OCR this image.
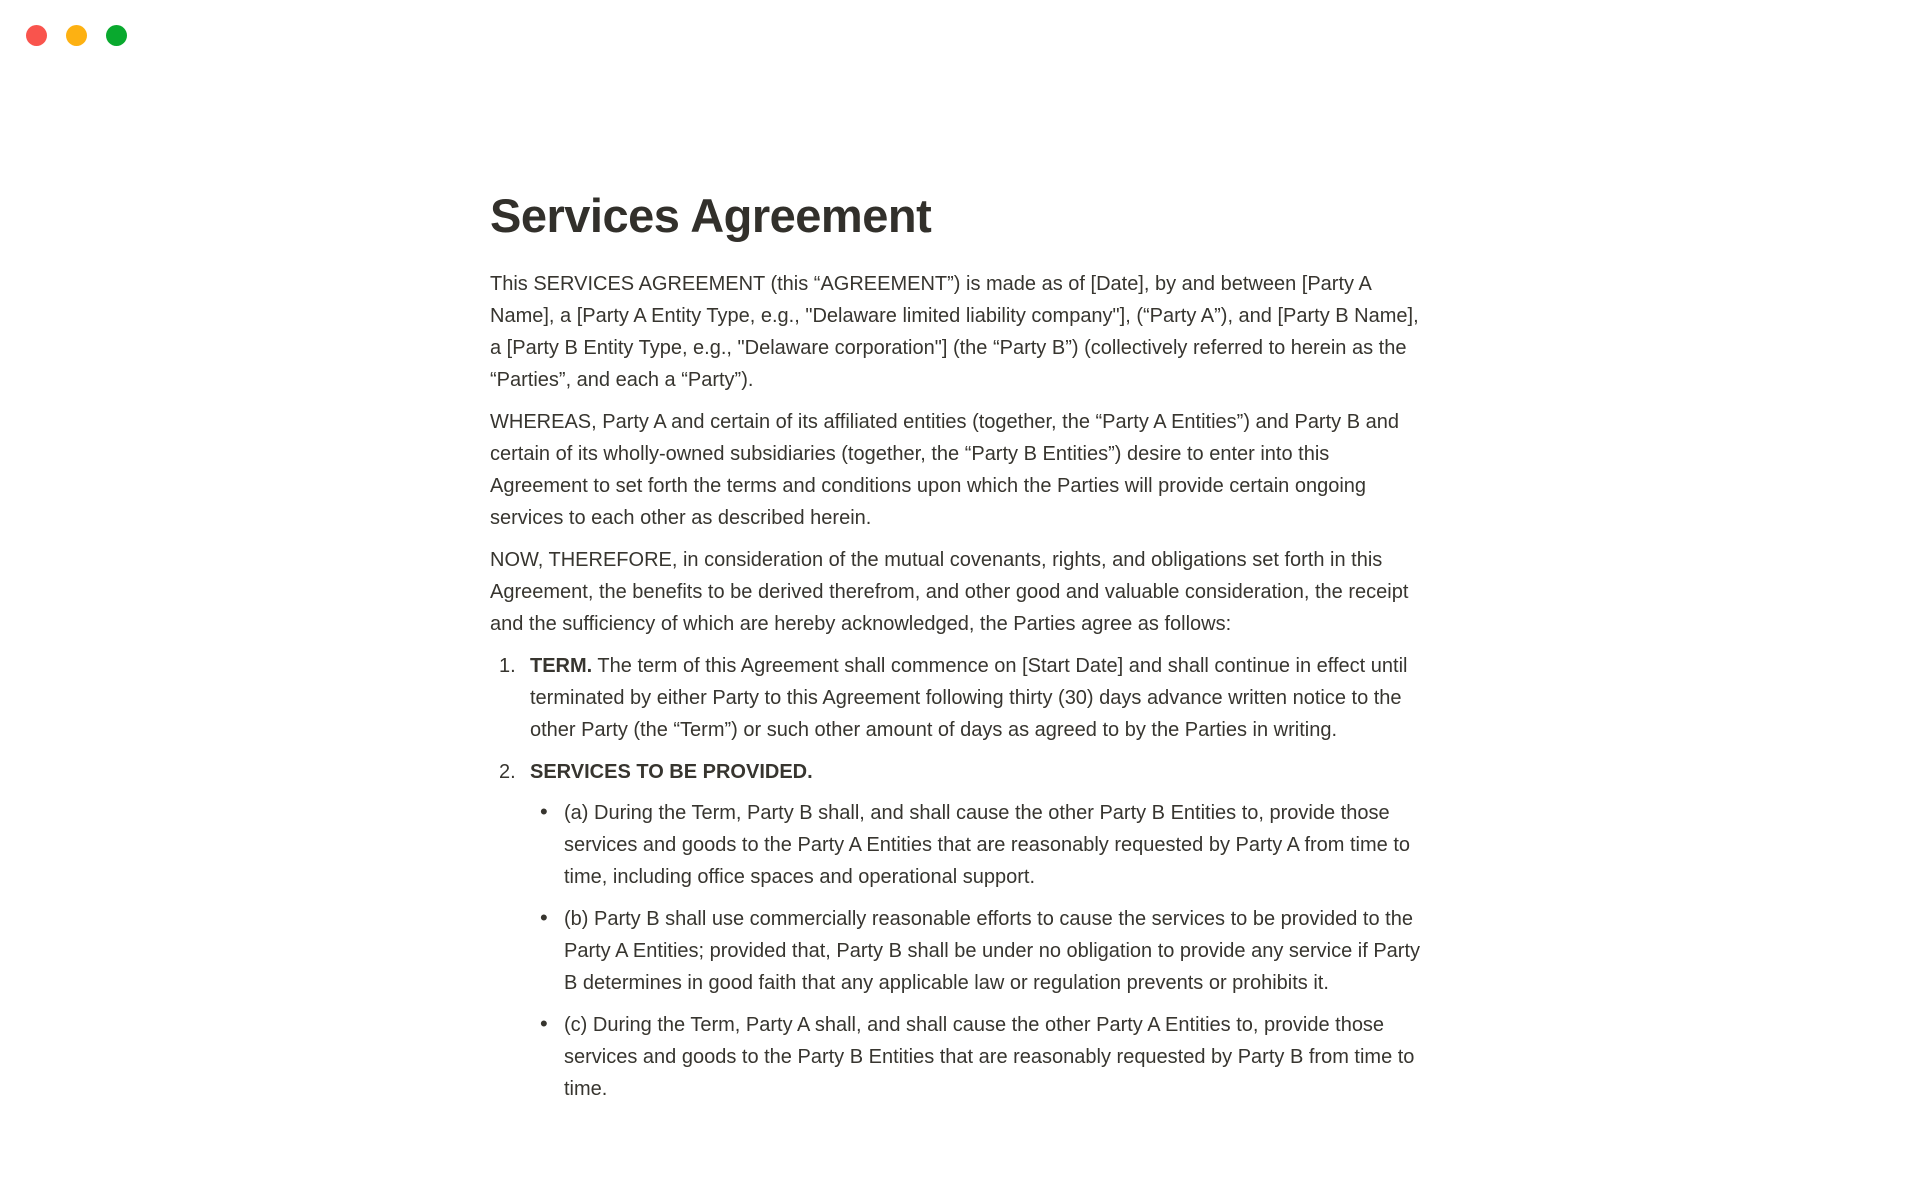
Services Agreement

This SERVICES AGREEMENT (this “AGREEMENT”) is made as of [Date], by and between [Party A Name], a [Party A Entity Type, e.g., "Delaware limited liability company"], (“Party A”), and [Party B Name], a [Party B Entity Type, e.g., "Delaware corporation"] (the “Party B”) (collectively referred to herein as the “Parties”, and each a “Party”).

WHEREAS, Party A and certain of its affiliated entities (together, the “Party A Entities”) and Party B and certain of its wholly-owned subsidiaries (together, the “Party B Entities”) desire to enter into this Agreement to set forth the terms and conditions upon which the Parties will provide certain ongoing services to each other as described herein.

NOW, THEREFORE, in consideration of the mutual covenants, rights, and obligations set forth in this Agreement, the benefits to be derived therefrom, and other good and valuable consideration, the receipt and the sufficiency of which are hereby acknowledged, the Parties agree as follows:

1. TERM. The term of this Agreement shall commence on [Start Date] and shall continue in effect until terminated by either Party to this Agreement following thirty (30) days advance written notice to the other Party (the “Term”) or such other amount of days as agreed to by the Parties in writing.
2. SERVICES TO BE PROVIDED.
• (a) During the Term, Party B shall, and shall cause the other Party B Entities to, provide those services and goods to the Party A Entities that are reasonably requested by Party A from time to time, including office spaces and operational support.
• (b) Party B shall use commercially reasonable efforts to cause the services to be provided to the Party A Entities; provided that, Party B shall be under no obligation to provide any service if Party B determines in good faith that any applicable law or regulation prevents or prohibits it.
• (c) During the Term, Party A shall, and shall cause the other Party A Entities to, provide those services and goods to the Party B Entities that are reasonably requested by Party B from time to time.
